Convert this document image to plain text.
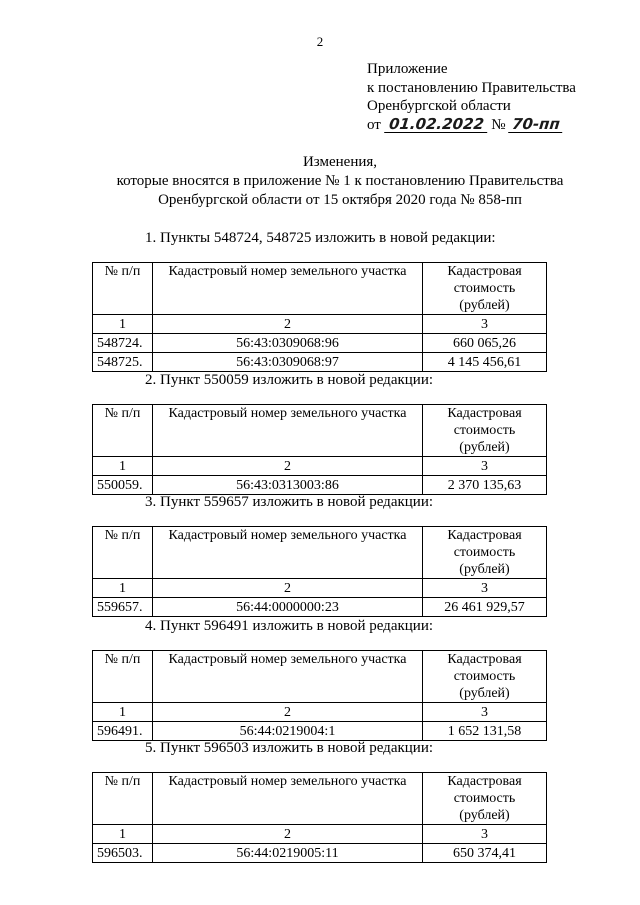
2
Приложение
к постановлению Правительства
Оренбургской области
от 01.02.2022 № 70-пп
Изменения,
которые вносятся в приложение № 1 к постановлению Правительства
Оренбургской области от 15 октября 2020 года № 858-пп
1. Пункты 548724, 548725 изложить в новой редакции:
№ п/п	Кадастровый номер земельного участка	Кадастровая стоимость (рублей)
1	2	3
548724.	56:43:0309068:96	660 065,26
548725.	56:43:0309068:97	4 145 456,61
2. Пункт 550059 изложить в новой редакции:
№ п/п	Кадастровый номер земельного участка	Кадастровая стоимость (рублей)
1	2	3
550059.	56:43:0313003:86	2 370 135,63
3. Пункт 559657 изложить в новой редакции:
№ п/п	Кадастровый номер земельного участка	Кадастровая стоимость (рублей)
1	2	3
559657.	56:44:0000000:23	26 461 929,57
4. Пункт 596491 изложить в новой редакции:
№ п/п	Кадастровый номер земельного участка	Кадастровая стоимость (рублей)
1	2	3
596491.	56:44:0219004:1	1 652 131,58
5. Пункт 596503 изложить в новой редакции:
№ п/п	Кадастровый номер земельного участка	Кадастровая стоимость (рублей)
1	2	3
596503.	56:44:0219005:11	650 374,41
